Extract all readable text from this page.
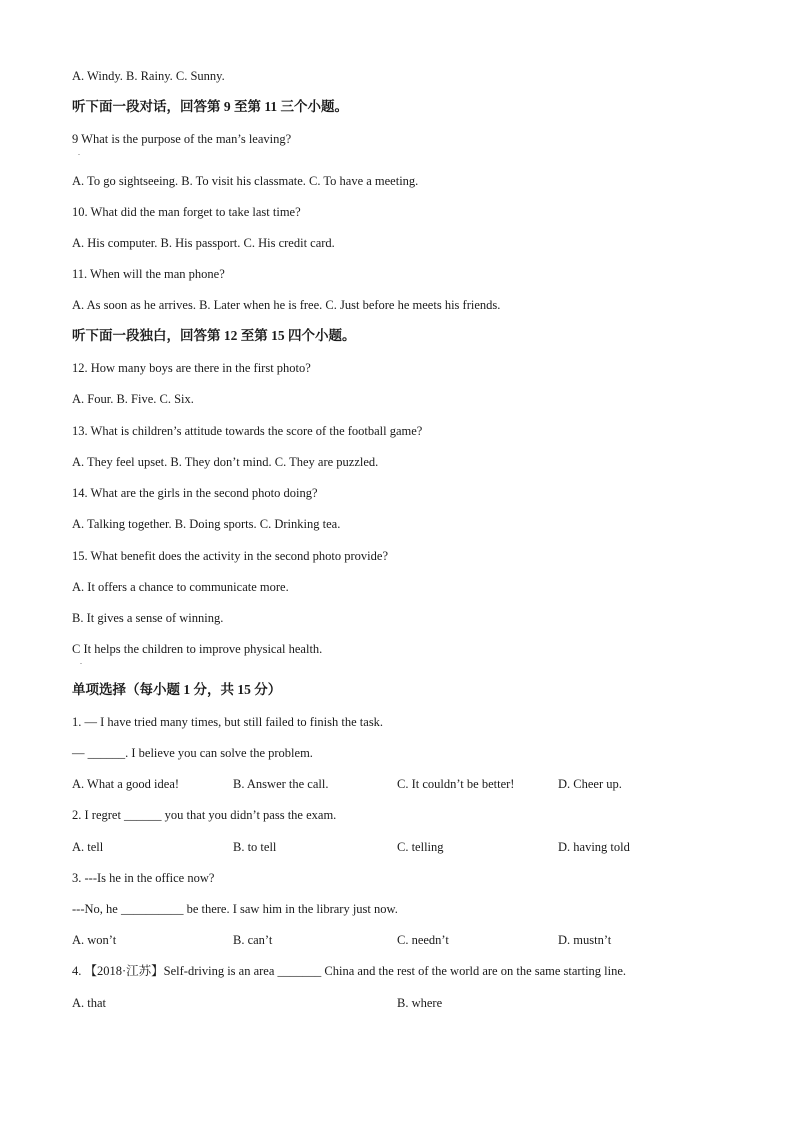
A. Windy. B. Rainy. C. Sunny.
听下面一段对话，回答第 9 至第 11 三个小题。
9 What is the purpose of the man’s leaving?
.
A. To go sightseeing. B. To visit his classmate. C. To have a meeting.
10. What did the man forget to take last time?
A. His computer. B. His passport. C. His credit card.
11. When will the man phone?
A. As soon as he arrives. B. Later when he is free. C. Just before he meets his friends.
听下面一段独白，回答第 12 至第 15 四个小题。
12. How many boys are there in the first photo?
A. Four. B. Five. C. Six.
13. What is children’s attitude towards the score of the football game?
A. They feel upset. B. They don’t mind. C. They are puzzled.
14. What are the girls in the second photo doing?
A. Talking together. B. Doing sports. C. Drinking tea.
15. What benefit does the activity in the second photo provide?
A. It offers a chance to communicate more.
B. It gives a sense of winning.
C It helps the children to improve physical health.
.
单项选择（每小题 1 分，共 15 分）
1. — I have tried many times, but still failed to finish the task.
— ______. I believe you can solve the problem.
A. What a good idea!	B. Answer the call.	C. It couldn’t be better!	D. Cheer up.
2. I regret ______ you that you didn’t pass the exam.
A. tell	B. to tell	C. telling	D. having told
3. ---Is he in the office now?
---No, he __________ be there. I saw him in the library just now.
A. won’t	B. can’t	C. needn’t	D. mustn’t
4. 【2018·江苏】Self-driving is an area _______ China and the rest of the world are on the same starting line.
A. that	B. where
